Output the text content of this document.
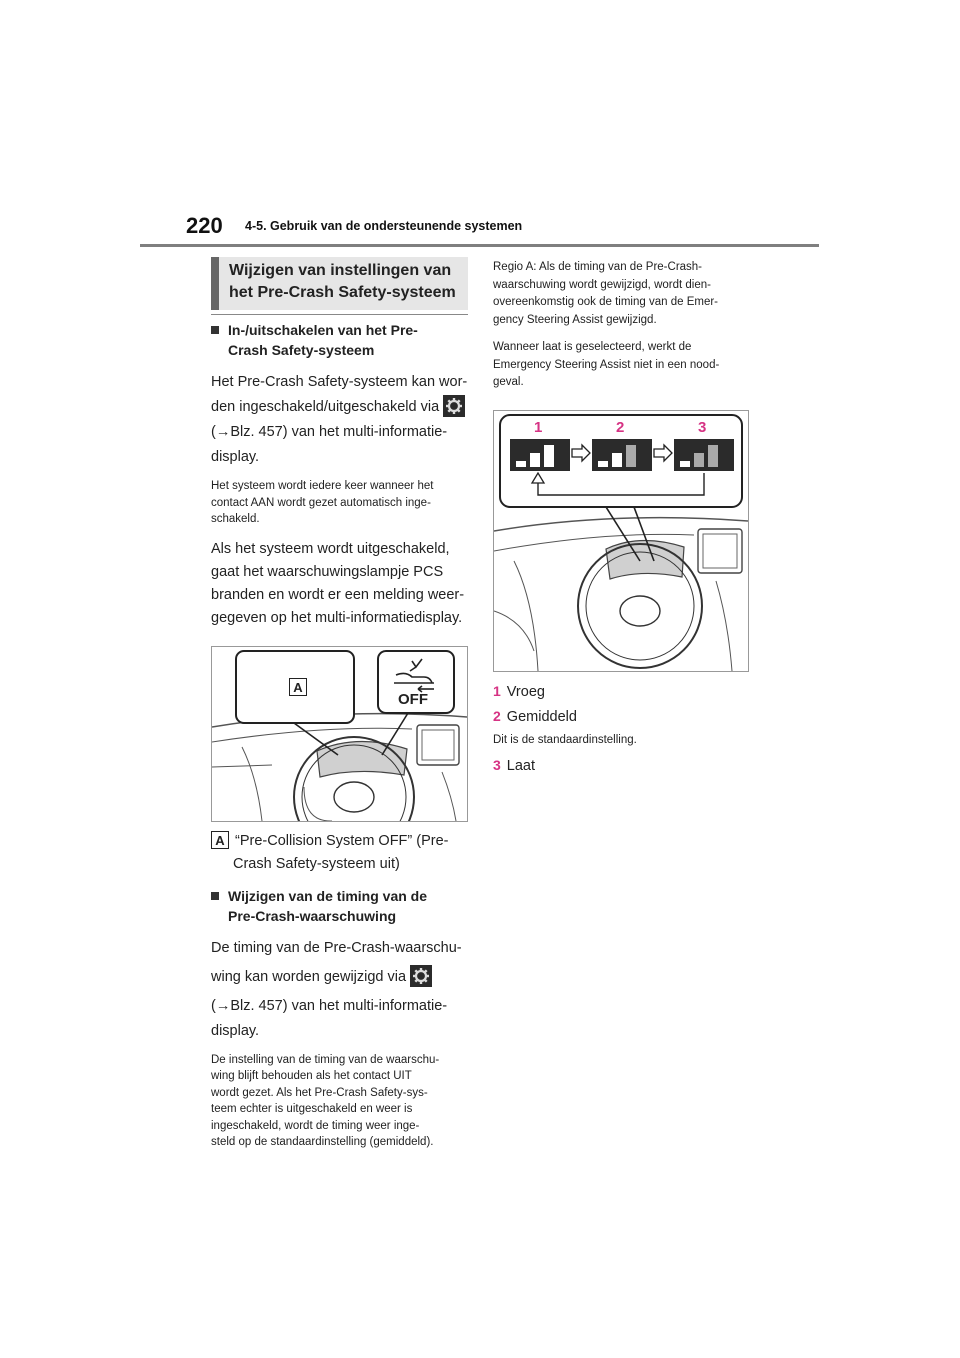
220 4-5. Gebruik van de ondersteunende systemen
Wijzigen van instellingen van
het Pre-Crash Safety-systeem
In-/uitschakelen van het Pre-
Crash Safety-systeem
Het Pre-Crash Safety-systeem kan wor-
den ingeschakeld/uitgeschakeld via
(→Blz. 457) van het multi-informatie-
display.
Het systeem wordt iedere keer wanneer het
contact AAN wordt gezet automatisch inge-
schakeld.
Als het systeem wordt uitgeschakeld,
gaat het waarschuwingslampje PCS
branden en wordt er een melding weer-
gegeven op het multi-informatiedisplay.
A
OFF
A “Pre-Collision System OFF” (Pre-
Crash Safety-systeem uit)
Wijzigen van de timing van de
Pre-Crash-waarschuwing
De timing van de Pre-Crash-waarschu-
wing kan worden gewijzigd via
(→Blz. 457) van het multi-informatie-
display.
De instelling van de timing van de waarschu-
wing blijft behouden als het contact UIT
wordt gezet. Als het Pre-Crash Safety-sys-
teem echter is uitgeschakeld en weer is
ingeschakeld, wordt de timing weer inge-
steld op de standaardinstelling (gemiddeld).
Regio A: Als de timing van de Pre-Crash-
waarschuwing wordt gewijzigd, wordt dien-
overeenkomstig ook de timing van de Emer-
gency Steering Assist gewijzigd.
Wanneer laat is geselecteerd, werkt de
Emergency Steering Assist niet in een nood-
geval.
1	2	3
1 Vroeg
2 Gemiddeld
Dit is de standaardinstelling.
3 Laat
